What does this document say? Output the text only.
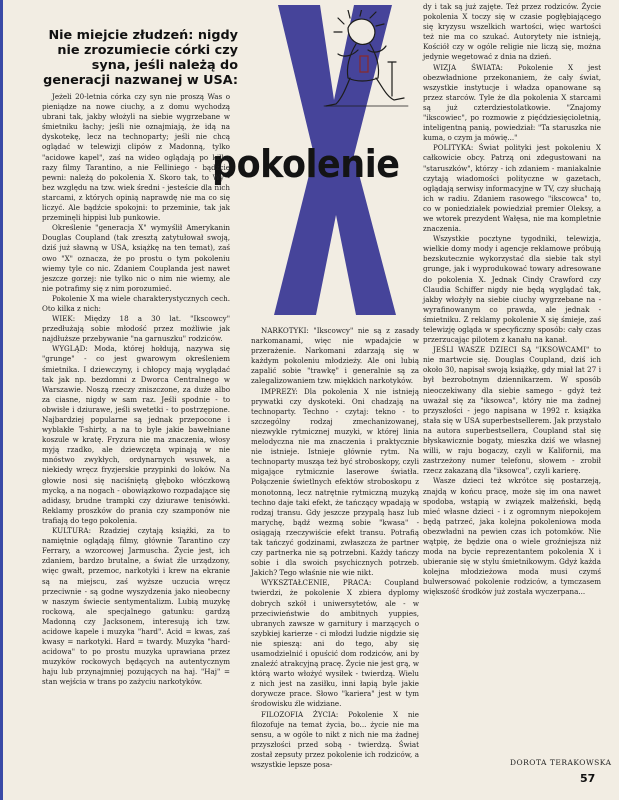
Nie miejcie złudzeń: nigdy nie zrozumiecie córki czy syna, jeśli należą do generacji nazwanej w USA:
pokolenie

Jeżeli 20-letnia córka czy syn nie proszą Was o pieniądze na nowe ciuchy, a z domu wychodzą ubrani tak, jakby włożyli na siebie wygrzebane w śmietniku łachy; jeśli nie oznajmiają, że idą na dyskotekę, lecz na technoparty; jeśli nie chcą oglądać w telewizji clipów z Madonną, tylko "acidowe kapel", zaś na wideo oglądają po kilka razy filmy Tarantino, a nie Felliniego - bądźcie pewni: należą do pokolenia X. Skoro tak, to Wy - bez względu na tzw. wiek średni - jesteście dla nich starcami, z których opinią naprawdę nie ma co się liczyć. Ale bądźcie spokojni: to przeminie, tak jak przeminęli hippisi lub punkowie.

Określenie "generacja X" wymyślił Amerykanin Douglas Coupland (tak zresztą zatytułował swoją, dziś już sławną w USA, książkę na ten temat), zaś owo "X" oznacza, że po prostu o tym pokoleniu wiemy tyle co nic. Zdaniem Couplanda jest nawet jeszcze gorzej: nie tylko nic o nim nie wiemy, ale nie potrafimy się z nim porozumieć.

Pokolenie X ma wiele charakterystycznych cech. Oto kilka z nich:

WIEK: Między 18 a 30 lat. "Ikscowcy" przedłużają sobie młodość przez możliwie jak najdłuższe przebywanie "na garnuszku" rodziców.

WYGLĄD: Moda, której hołdują, nazywa się "grunge" - co jest gwarowym określeniem śmietnika. I dziewczyny, i chłopcy mają wyglądać tak jak np. bezdomni z Dworca Centralnego w Warszawie. Noszą rzeczy zniszczone, za duże albo za ciasne, nigdy w sam raz. Jeśli spodnie - to obwisłe i dziurawe, jeśli swetetki - to postrzępione. Najbardziej popularne są jednak przepocone i wyblakłe T-shirty, a na to byle jakie bawełniane koszule w kratę. Fryzura nie ma znaczenia, włosy myją rzadko, ale dziewczęta wpinają w nie mnóstwo zwykłych, ordynarnych wsuwek, a niekiedy wręcz fryzjerskie przypinki do loków. Na głowie nosi się naciśniętą głęboko włóczkową mycką, a na nogach - obowiązkowo rozpadające się adidasy, brudne trampki czy dziurawe tenisówki. Reklamy proszków do prania czy szamponów nie trafiają do tego pokolenia.

KULTURA: Rzadziej czytają książki, za to namiętnie oglądają filmy, głównie Tarantino czy Ferrary, a wzorcowej Jarmuscha. Życie jest, ich zdaniem, bardzo brutalne, a świat źle urządzony, więc gwałt, przemoc, narkotyki i krew na ekranie są na miejscu, zaś wyższe uczucia wręcz przeciwnie - są godne wyszydzenia jako nieobecny w naszym świecie sentymentalizm. Lubią muzykę rockową, ale specjalnego gatunku: gardzą Madonną czy Jacksonem, interesują ich tzw. acidowe kapele i muzyka "hard". Acid = kwas, zaś kwasy = narkotyki. Hard = twardy. Muzyka "hard-acidowa" to po prostu muzyka uprawiana przez muzyków rockowych będących na autentycznym haju lub przynajmniej pozujących na haj. "Haj" = stan wejścia w trans po zażyciu narkotyków.

NARKOTYKI: "Ikscowcy" nie są z zasady narkomanami, więc nie wpadajcie w przerażenie. Narkomani zdarzają się w każdym pokoleniu młodzieży. Ale oni lubią zapalić sobie "trawkę" i generalnie są za zalegalizowaniem tzw. miękkich narkotyków.

IMPREZY: Dla pokolenia X nie istnieją prywatki czy dyskoteki. Oni chadzają na technoparty. Techno - czytaj: tekno - to szczególny rodzaj zmechanizowanej, niezwykle rytmicznej muzyki, w której linia melodyczna nie ma znaczenia i praktycznie nie istnieje. Istnieje głównie rytm. Na technoparty musząa też być stroboskopy, czyli migające rytmicznie laserowe światła. Połączenie świetlnych efektów stroboskopu z monotonną, lecz natrętnie rytmiczną muzyką techno daje taki efekt, że tańczący wpadają w rodzaj transu. Gdy jeszcze przypalą hasz lub marychę, bądź wezmą sobie "kwasa" - osiągają rzeczywiście efekt transu. Potrafią tak tańczyć godzinami, zwłaszcza że partner czy partnerka nie są potrzebni. Każdy tańczy sobie i dla swoich psychicznych potrzeb. Jakich? Tego właśnie nie wie nikt.

WYKSZTAŁCENIE, PRACA: Coupland twierdzi, że pokolenie X zbiera dyplomy dobrych szkół i uniwersytetów, ale - w przeciwieństwie do ambitnych yuppies, ubranych zawsze w garnitury i marzących o szybkiej karierze - ci młodzi ludzie nigdzie się nie spieszą: ani do tego, aby się usamodzielnić i opuścić dom rodziców, ani by znaleźć atrakcyjną pracę. Życie nie jest grą, w którą warto włożyć wysiłek - twierdzą. Wielu z nich jest na zasiłku, inni łapią byle jakie dorywcze prace. Słowo "kariera" jest w tym środowisku źle widziane.

FILOZOFIA ŻYCIA: Pokolenie X nie filozofuje na temat życia, bo... życie nie ma sensu, a w ogóle to nikt z nich nie ma żadnej przyszłości przed sobą - twierdzą. Świat został zepsuty przez pokolenie ich rodziców, a wszystkie lepsze posa-

dy i tak są już zajęte. Też przez rodziców. Życie pokolenia X toczy się w czasie pogłębiającego się kryzysu wszelkich wartości, więc wartości też nie ma co szukać. Autorytety nie istnieją, Kościół czy w ogóle religie nie liczą się, można jedynie wegetować z dnia na dzień.

WIZJA ŚWIATA: Pokolenie X jest obezwładnione przekonaniem, że cały świat, wszystkie instytucje i władza opanowane są przez starców. Tyle że dla pokolenia X starcami są już czterdziestolatkowie. "Znajomy "ikscowiec", po rozmowie z pięćdziesięcioletnią, inteligentną panią, powiedział: "Ta staruszka nie kuma, o czym ja mówię..."

POLITYKA: Świat polityki jest pokoleniu X całkowicie obcy. Patrzą oni zdegustowani na "staruszków", którzy - ich zdaniem - maniakalnie czytają wiadomości polityczne w gazetach, oglądają serwisy informacyjne w TV, czy słuchają ich w radiu. Zdaniem rasowego "ikscowca" to, co w poniedziałek powiedział premier Oleksy, a we wtorek prezydent Wałęsa, nie ma kompletnie znaczenia.

Wszystkie pocztyne tygodniki, telewizja, wielkie domy mody i agencje reklamowe próbują bezskutecznie wykorzystać dla siebie tak styl grunge, jak i wyprodukować towary adresowane do pokolenia X. Jednak Cindy Crawford czy Claudia Schiffer nigdy nie będą wyglądać tak, jakby włożyły na siebie ciuchy wygrzebane na - wyrafinowanym co prawda, ale jednak - śmietniku. Z reklamy pokolenie X się śmieje, zaś telewizję ogląda w specyficzny sposób: cały czas przerzucając pilotem z kanału na kanał.

JEŚLI WASZE DZIECI SĄ "IKSOWCAMI" to nie martwcie się. Douglas Coupland, dziś ich około 30, napisał swoją książkę, gdy miał lat 27 i był bezrobotnym dziennikarzem. W sposób nieoczekiwany dla siebie samego - gdyż też uważał się za "iksowca", który nie ma żadnej przyszłości - jego napisana w 1992 r. książka stała się w USA superbestsellerem. Jak przystało na autora superbestsellera, Coupland stał się błyskawicznie bogaty, mieszka dziś we własnej willi, w raju bogaczy, czyli w Kalifornii, ma zastrzeżony numer telefonu, słowem - zrobił rzecz zakazaną dla "iksowca", czyli karierę.

Wasze dzieci też wkrótce się postarzeją, znajdą w końcu pracę, może się im ona nawet spodoba, wstąpią w związek małżeński, będą mieć własne dzieci - i z ogromnym niepokojem będą patrzeć, jaka kolejna pokoleniowa moda obezwładni na pewien czas ich potomków. Nie wątpię, że będzie ona o wiele groźniejsza niż moda na bycie reprezentantem pokolenia X i ubieranie się w stylu śmietnikowym. Gdyż każda kolejna młodzieżowa moda musi czymś bulwersować pokolenie rodziców, a tymczasem większość środków już została wyczerpana...

DOROTA TERAKOWSKA
57
